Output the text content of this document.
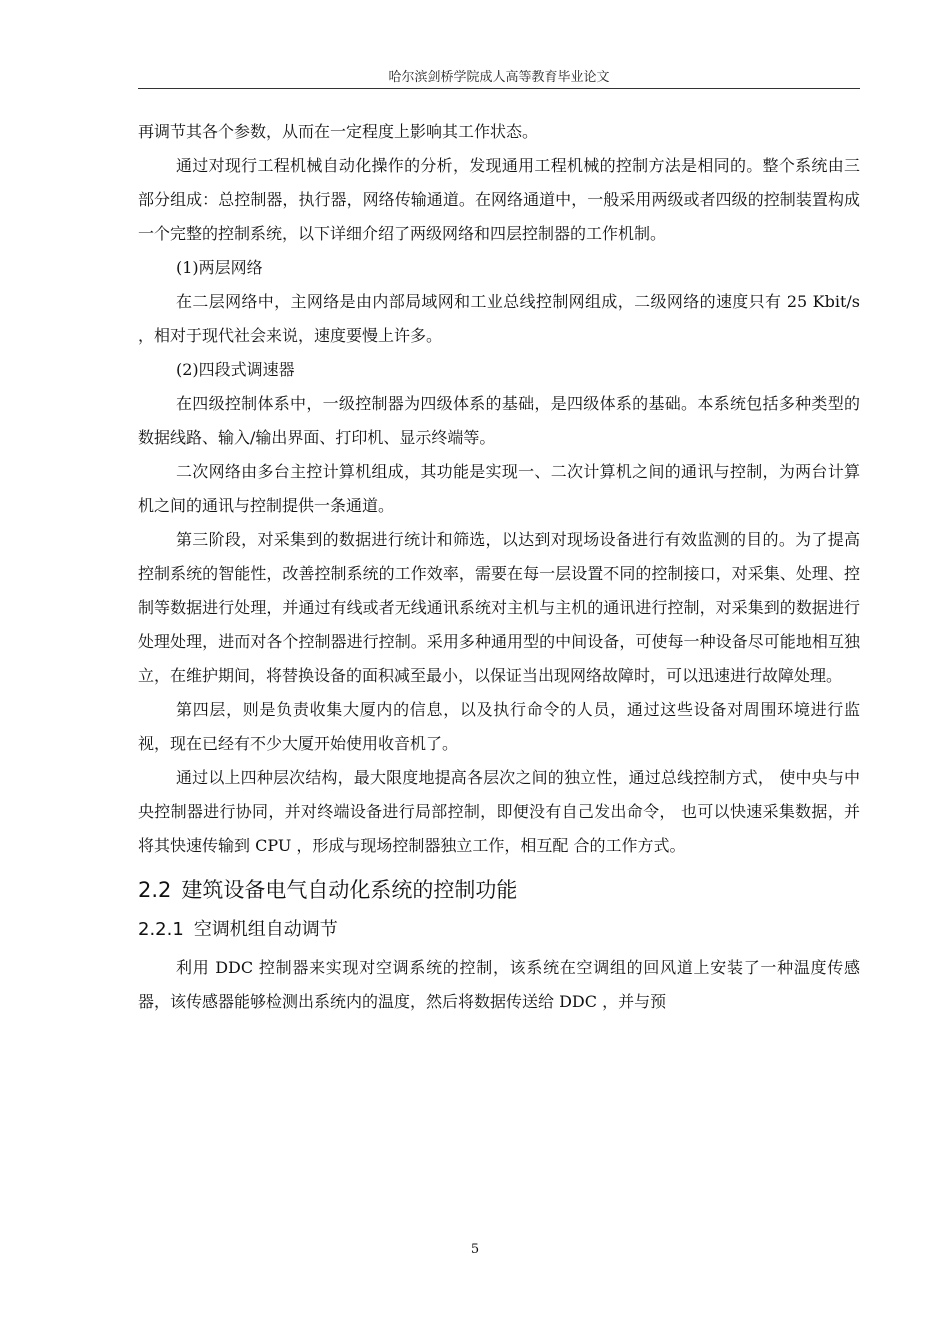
哈尔滨剑桥学院成人高等教育毕业论文

再调节其各个参数，从而在一定程度上影响其工作状态。

通过对现行工程机械自动化操作的分析，发现通用工程机械的控制方法是相同的。整个系统由三部分组成：总控制器，执行器，网络传输通道。在网络通道中，一般采用两级或者四级的控制装置构成一个完整的控制系统，以下详细介绍了两级网络和四层控制器的工作机制。

(1)两层网络

在二层网络中，主网络是由内部局域网和工业总线控制网组成，二级网络的速度只有 25 Kbit/s ，相对于现代社会来说，速度要慢上许多。

(2)四段式调速器

在四级控制体系中，一级控制器为四级体系的基础，是四级体系的基础。本系统包括多种类型的数据线路、输入/输出界面、打印机、显示终端等。

二次网络由多台主控计算机组成，其功能是实现一、二次计算机之间的通讯与控制，为两台计算机之间的通讯与控制提供一条通道。

第三阶段，对采集到的数据进行统计和筛选，以达到对现场设备进行有效监测的目的。为了提高控制系统的智能性，改善控制系统的工作效率，需要在每一层设置不同的控制接口，对采集、处理、控制等数据进行处理，并通过有线或者无线通讯系统对主机与主机的通讯进行控制，对采集到的数据进行处理处理，进而对各个控制器进行控制。采用多种通用型的中间设备，可使每一种设备尽可能地相互独立，在维护期间，将替换设备的面积减至最小，以保证当出现网络故障时，可以迅速进行故障处理。

第四层，则是负责收集大厦内的信息，以及执行命令的人员，通过这些设备对周围环境进行监视，现在已经有不少大厦开始使用收音机了。

通过以上四种层次结构，最大限度地提高各层次之间的独立性，通过总线控制方式， 使中央与中央控制器进行协同，并对终端设备进行局部控制，即便没有自己发出命令， 也可以快速采集数据，并将其快速传输到 CPU ，形成与现场控制器独立工作，相互配 合的工作方式。

2.2 建筑设备电气自动化系统的控制功能
2.2.1 空调机组自动调节

利用 DDC 控制器来实现对空调系统的控制，该系统在空调组的回风道上安装了一种温度传感器，该传感器能够检测出系统内的温度，然后将数据传送给 DDC ，并与预

5
